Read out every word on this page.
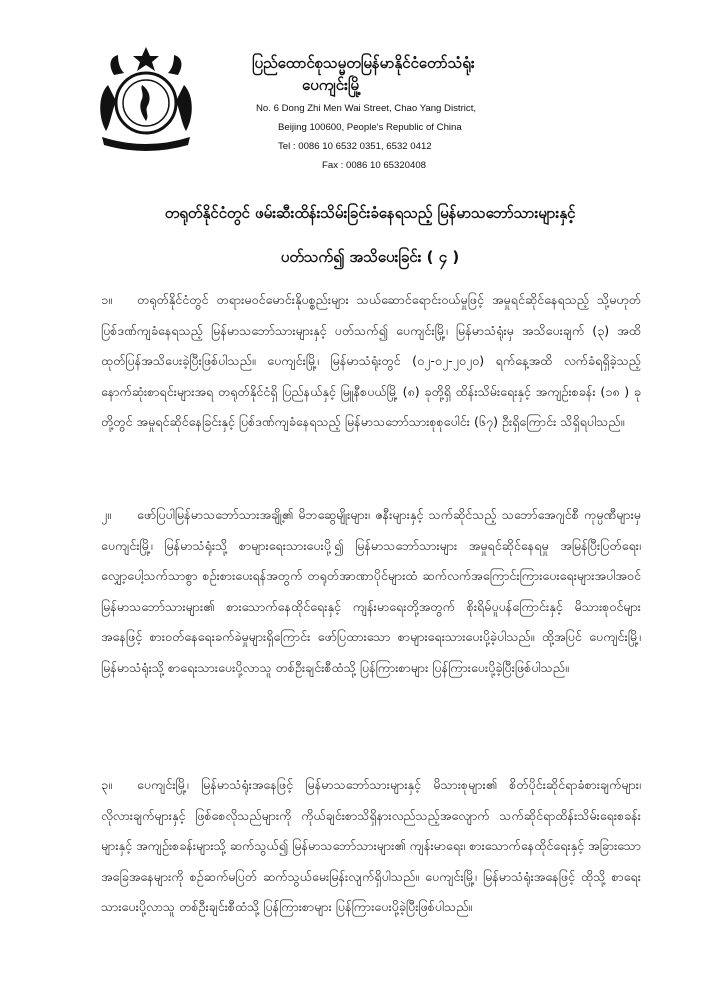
ပြည်ထောင်စုသမ္မတမြန်မာနိုင်ငံတော်သံရုံး
ပေကျင်းမြို့
No. 6 Dong Zhi Men Wai Street, Chao Yang District,
Beijing 100600, People's Republic of China
Tel : 0086 10 6532 0351, 6532 0412
Fax : 0086 10 65320408
တရုတ်နိုင်ငံတွင် ဖမ်းဆီးထိန်းသိမ်းခြင်းခံနေရသည့် မြန်မာသဘော်သားများနှင့်
ပတ်သက်၍ အသိပေးခြင်း ( ၄ )
၁။ တရုတ်နိုင်ငံတွင် တရားမဝင်မောင်းနိုပစ္စည်းများ သယ်ဆောင်ရောင်းဝယ်မှုဖြင့် အမှုရင်ဆိုင်နေရသည့် သို့မဟုတ် ပြစ်ဒဏ်ကျခံနေရသည့် မြန်မာသဘော်သားများနှင့် ပတ်သက်၍ ပေကျင်းမြို့၊ မြန်မာသံရုံးမှ အသိပေးချက် (၃) အထိ ထုတ်ပြန်အသိပေးခဲ့ပြီးဖြစ်ပါသည်။ ပေကျင်းမြို့၊ မြန်မာသံရုံးတွင် (၀၂-၀၂-၂၀၂၀) ရက်နေ့အထိ လက်ခံရရှိခဲ့သည့် နောက်ဆုံးစာရင်းများအရ တရုတ်နိုင်ငံရှိ ပြည်နယ်နှင့် မြူနီစပယ်မြို့ (၈) ခုတို့ရှိ ထိန်းသိမ်းရေးနှင့် အကျဉ်းစခန်း (၁၈ ) ခုတို့တွင် အမှုရင်ဆိုင်နေခြင်းနှင့် ပြစ်ဒဏ်ကျခံနေရသည့် မြန်မာသဘော်သားစုစုပေါင်း (၆၇) ဦးရှိကြောင်း သိရှိရပါသည်။
၂။ ဖော်ပြပါမြန်မာသဘော်သားအချို့၏ မိဘဆွေမျိုးများ၊ ဇနီးများနှင့် သက်ဆိုင်သည့် သဘော်အေဂျင်စီ ကုမ္ပဏီများမှ ပေကျင်းမြို့၊ မြန်မာသံရုံးသို့ စာများရေးသားပေးပို့၍ မြန်မာသဘော်သားများ အမှုရင်ဆိုင်နေရမှု အမြန်ပြီးပြတ်ရေး၊ လျှော့ပေါ့သက်သာစွာ စဉ်းစားပေးရန်အတွက် တရုတ်အာဏာပိုင်များထံ ဆက်လက်အကြောင်းကြားပေးရေးများအပါအဝင် မြန်မာသဘော်သားများ၏ စားသောက်နေထိုင်ရေးနှင့် ကျန်းမာရေးတို့အတွက် စိုးရိမ်ပူပန်ကြောင်းနှင့် မိသားစုဝင်များအနေဖြင့် စားဝတ်နေရေးခက်ခဲမှုများရှိကြောင်း ဖော်ပြထားသော စာများရေးသားပေးပို့ခဲ့ပါသည်။ ထို့အပြင် ပေကျင်းမြို့၊ မြန်မာသံရုံးသို့ စာရေးသားပေးပို့လာသူ တစ်ဦးချင်းစီထံသို့ ပြန်ကြားစာများ ပြန်ကြားပေးပို့ခဲ့ပြီးဖြစ်ပါသည်။
၃။ ပေကျင်းမြို့၊ မြန်မာသံရုံးအနေဖြင့် မြန်မာသဘော်သားများနှင့် မိသားစုများ၏ စိတ်ပိုင်းဆိုင်ရာခံစားချက်များ၊ လိုလားချက်များနှင့် ဖြစ်စေလိုသည်များကို ကိုယ်ချင်းစာသိရှိနားလည်သည့်အလျောက် သက်ဆိုင်ရာထိန်းသိမ်းရေးစခန်းများနှင့် အကျဉ်းစခန်းများသို့ ဆက်သွယ်၍ မြန်မာသဘော်သားများ၏ ကျန်းမာရေး၊ စားသောက်နေထိုင်ရေးနှင့် အခြားသောအခြေအနေများကို စဉ်ဆက်မပြတ် ဆက်သွယ်မေးမြန်းလျက်ရှိပါသည်။ ပေကျင်းမြို့၊ မြန်မာသံရုံးအနေဖြင့် ထိုသို့ စာရေးသားပေးပို့လာသူ တစ်ဦးချင်းစီထံသို့ ပြန်ကြားစာများ ပြန်ကြားပေးပို့ခဲ့ပြီးဖြစ်ပါသည်။
